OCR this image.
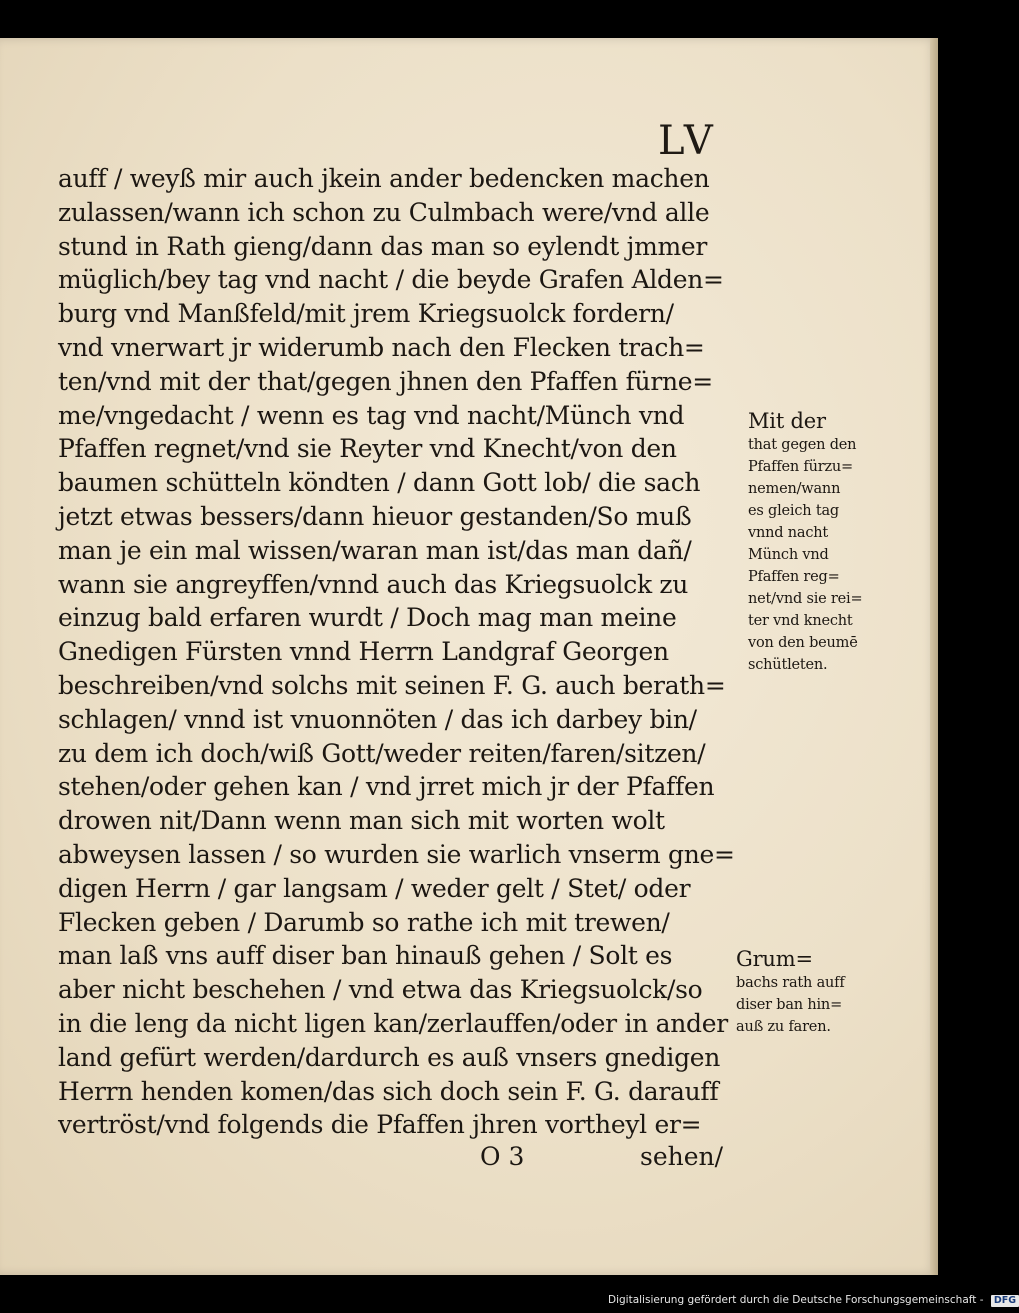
LV
auff / weyß mir auch jkein ander bedencken machen
zulassen/wann ich schon zu Culmbach were/vnd alle
stund in Rath gieng/dann das man so eylendt jmmer
müglich/bey tag vnd nacht / die beyde Grafen Alden=
burg vnd Manßfeld/mit jrem Kriegsuolck fordern/
vnd vnerwart jr widerumb nach den Flecken trach=
ten/vnd mit der that/gegen jhnen den Pfaffen fürne=
me/vngedacht / wenn es tag vnd nacht/Münch vnd
Pfaffen regnet/vnd sie Reyter vnd Knecht/von den
baumen schütteln köndten / dann Gott lob/ die sach
jetzt etwas bessers/dann hieuor gestanden/So muß
man je ein mal wissen/waran man ist/das man dañ/
wann sie angreyffen/vnnd auch das Kriegsuolck zu
einzug bald erfaren wurdt / Doch mag man meine
Gnedigen Fürsten vnnd Herrn Landgraf Georgen
beschreiben/vnd solchs mit seinen F. G. auch berath=
schlagen/ vnnd ist vnuonnöten / das ich darbey bin/
zu dem ich doch/wiß Gott/weder reiten/faren/sitzen/
stehen/oder gehen kan / vnd jrret mich jr der Pfaffen
drowen nit/Dann wenn man sich mit worten wolt
abweysen lassen / so wurden sie warlich vnserm gne=
digen Herrn / gar langsam / weder gelt / Stet/ oder
Flecken geben / Darumb so rathe ich mit trewen/
man laß vns auff diser ban hinauß gehen / Solt es
aber nicht beschehen / vnd etwa das Kriegsuolck/so
in die leng da nicht ligen kan/zerlauffen/oder in ander
land gefürt werden/dardurch es auß vnsers gnedigen
Herrn henden komen/das sich doch sein F. G. darauff
vertröst/vnd folgends die Pfaffen jhren vortheyl er=
O 3	sehen/
Mit der
that gegen den
Pfaffen fürzu=
nemen/wann
es gleich tag
vnnd nacht
Münch vnd
Pfaffen reg=
net/vnd sie rei=
ter vnd knecht
von den beumē
schütleten.
Grum=
bachs rath auff
diser ban hin=
auß zu faren.
Digitalisierung gefördert durch die Deutsche Forschungsgemeinschaft - DFG
